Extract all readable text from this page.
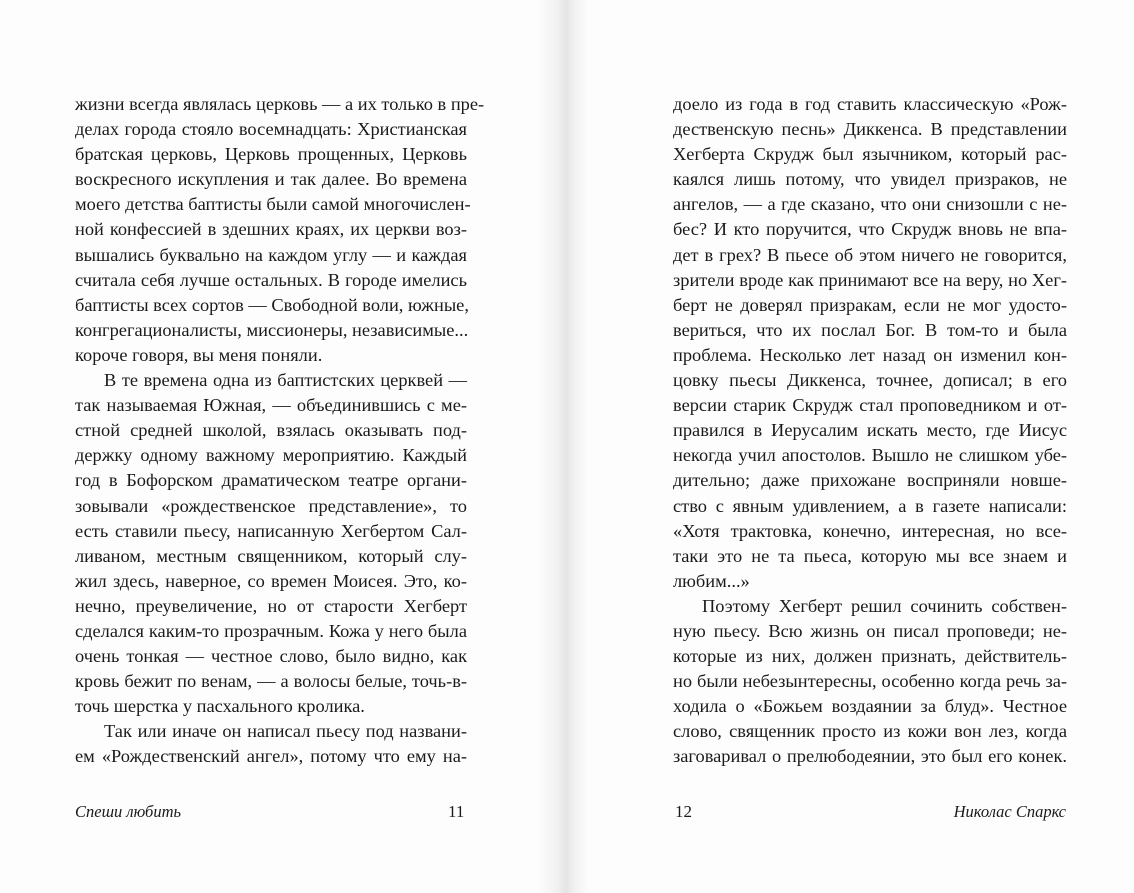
жизни всегда являлась церковь — а их только в пре-
делах города стояло восемнадцать: Христианская
братская церковь, Церковь прощенных, Церковь
воскресного искупления и так далее. Во времена
моего детства баптисты были самой многочислен-
ной конфессией в здешних краях, их церкви воз-
вышались буквально на каждом углу — и каждая
считала себя лучше остальных. В городе имелись
баптисты всех сортов — Свободной воли, южные,
конгрегационалисты, миссионеры, независимые...
короче говоря, вы меня поняли.
В те времена одна из баптистских церквей —
так называемая Южная, — объединившись с ме-
стной средней школой, взялась оказывать под-
держку одному важному мероприятию. Каждый
год в Бофорском драматическом театре органи-
зовывали «рождественское представление», то
есть ставили пьесу, написанную Хегбертом Сал-
ливаном, местным священником, который слу-
жил здесь, наверное, со времен Моисея. Это, ко-
нечно, преувеличение, но от старости Хегберт
сделался каким-то прозрачным. Кожа у него была
очень тонкая — честное слово, было видно, как
кровь бежит по венам, — а волосы белые, точь-в-
точь шерстка у пасхального кролика.
Так или иначе он написал пьесу под названи-
ем «Рождественский ангел», потому что ему на-
Спеши любить	11
доело из года в год ставить классическую «Рож-
дественскую песнь» Диккенса. В представлении
Хегберта Скрудж был язычником, который рас-
каялся лишь потому, что увидел призраков, не
ангелов, — а где сказано, что они снизошли с не-
бес? И кто поручится, что Скрудж вновь не впа-
дет в грех? В пьесе об этом ничего не говорится,
зрители вроде как принимают все на веру, но Хег-
берт не доверял призракам, если не мог удосто-
вериться, что их послал Бог. В том-то и была
проблема. Несколько лет назад он изменил кон-
цовку пьесы Диккенса, точнее, дописал; в его
версии старик Скрудж стал проповедником и от-
правился в Иерусалим искать место, где Иисус
некогда учил апостолов. Вышло не слишком убе-
дительно; даже прихожане восприняли новше-
ство с явным удивлением, а в газете написали:
«Хотя трактовка, конечно, интересная, но все-
таки это не та пьеса, которую мы все знаем и
любим...»
Поэтому Хегберт решил сочинить собствен-
ную пьесу. Всю жизнь он писал проповеди; не-
которые из них, должен признать, действитель-
но были небезынтересны, особенно когда речь за-
ходила о «Божьем воздаянии за блуд». Честное
слово, священник просто из кожи вон лез, когда
заговаривал о прелюбодеянии, это был его конек.
12	Николас Спаркс
